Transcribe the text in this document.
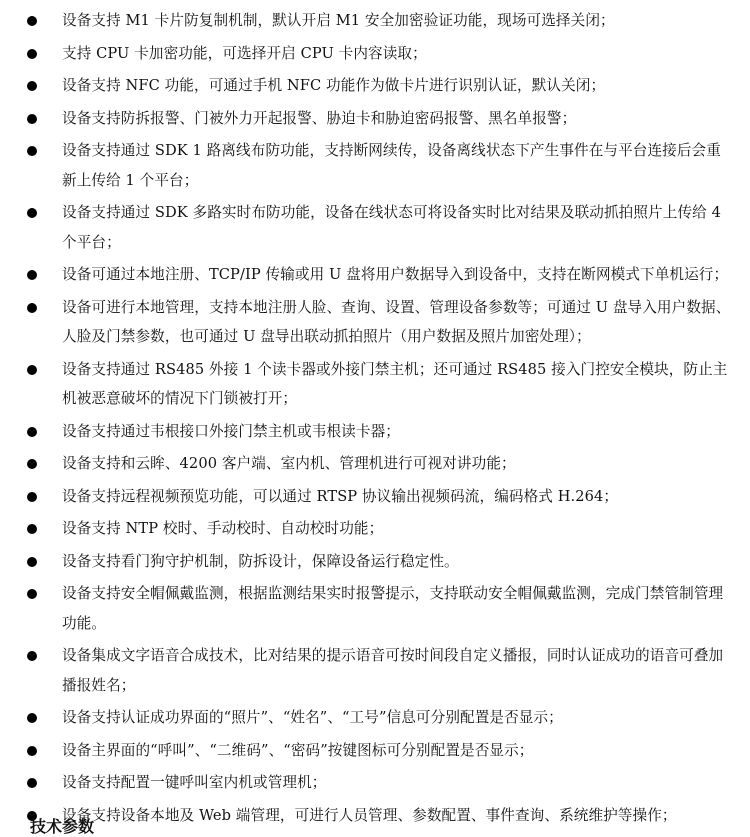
设备支持 M1 卡片防复制机制，默认开启 M1 安全加密验证功能，现场可选择关闭；
支持 CPU 卡加密功能，可选择开启 CPU 卡内容读取；
设备支持 NFC 功能，可通过手机 NFC 功能作为做卡片进行识别认证，默认关闭；
设备支持防拆报警、门被外力开起报警、胁迫卡和胁迫密码报警、黑名单报警；
设备支持通过 SDK 1 路离线布防功能，支持断网续传，设备离线状态下产生事件在与平台连接后会重新上传给 1 个平台；
设备支持通过 SDK 多路实时布防功能，设备在线状态可将设备实时比对结果及联动抓拍照片上传给 4 个平台；
设备可通过本地注册、TCP/IP 传输或用 U 盘将用户数据导入到设备中，支持在断网模式下单机运行；
设备可进行本地管理，支持本地注册人脸、查询、设置、管理设备参数等；可通过 U 盘导入用户数据、人脸及门禁参数，也可通过 U 盘导出联动抓拍照片（用户数据及照片加密处理）；
设备支持通过 RS485 外接 1 个读卡器或外接门禁主机；还可通过 RS485 接入门控安全模块，防止主机被恶意破坏的情况下门锁被打开；
设备支持通过韦根接口外接门禁主机或韦根读卡器；
设备支持和云眸、4200 客户端、室内机、管理机进行可视对讲功能；
设备支持远程视频预览功能，可以通过 RTSP 协议输出视频码流，编码格式 H.264；
设备支持 NTP 校时、手动校时、自动校时功能；
设备支持看门狗守护机制，防拆设计，保障设备运行稳定性。
设备支持安全帽佩戴监测，根据监测结果实时报警提示，支持联动安全帽佩戴监测，完成门禁管制管理功能。
设备集成文字语音合成技术，比对结果的提示语音可按时间段自定义播报，同时认证成功的语音可叠加播报姓名；
设备支持认证成功界面的“照片”、“姓名”、“工号”信息可分别配置是否显示；
设备主界面的“呼叫”、“二维码”、“密码”按键图标可分别配置是否显示；
设备支持配置一键呼叫室内机或管理机；
设备支持设备本地及 Web 端管理，可进行人员管理、参数配置、事件查询、系统维护等操作；
技术参数
